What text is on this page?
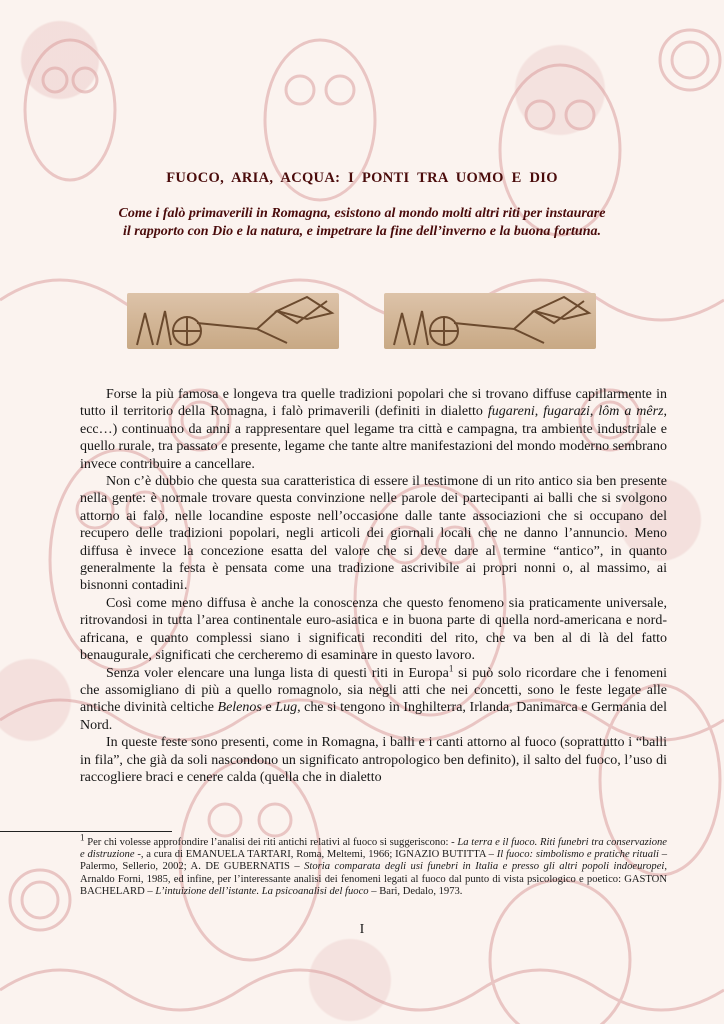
FUOCO, ARIA, ACQUA: I PONTI TRA UOMO E DIO
Come i falò primaverili in Romagna, esistono al mondo molti altri riti per instaurare
il rapporto con Dio e la natura, e impetrare la fine dell’inverno e la buona fortuna.

Forse la più famosa e longeva tra quelle tradizioni popolari che si trovano diffuse capillarmente in tutto il territorio della Romagna, i falò primaverili (definiti in dialetto fugareni, fugarazi, lôm a mêrz, ecc…) continuano da anni a rappresentare quel legame tra città e campagna, tra ambiente industriale e quello rurale, tra passato e presente, legame che tante altre manifestazioni del mondo moderno sembrano invece contribuire a cancellare.

Non c’è dubbio che questa sua caratteristica di essere il testimone di un rito antico sia ben presente nella gente: è normale trovare questa convinzione nelle parole dei partecipanti ai balli che si svolgono attorno ai falò, nelle locandine esposte nell’occasione dalle tante associazioni che si occupano del recupero delle tradizioni popolari, negli articoli dei giornali locali che ne danno l’annuncio. Meno diffusa è invece la concezione esatta del valore che si deve dare al termine “antico”, in quanto generalmente la festa è pensata come una tradizione ascrivibile ai propri nonni o, al massimo, ai bisnonni contadini.

Così come meno diffusa è anche la conoscenza che questo fenomeno sia praticamente universale, ritrovandosi in tutta l’area continentale euro-asiatica e in buona parte di quella nord-americana e nord-africana, e quanto complessi siano i significati reconditi del rito, che va ben al di là del fatto benaugurale, significati che cercheremo di esaminare in questo lavoro.

Senza voler elencare una lunga lista di questi riti in Europa$^1$ si può solo ricordare che i fenomeni che assomigliano di più a quello romagnolo, sia negli atti che nei concetti, sono le feste legate alle antiche divinità celtiche Belenos e Lug, che si tengono in Inghilterra, Irlanda, Danimarca e Germania del Nord.

In queste feste sono presenti, come in Romagna, i balli e i canti attorno al fuoco (soprattutto i “balli in fila”, che già da soli nascondono un significato antropologico ben definito), il salto del fuoco, l’uso di raccogliere braci e cenere calda (quella che in dialetto

$^1$ Per chi volesse approfondire l’analisi dei riti antichi relativi al fuoco si suggeriscono: - La terra e il fuoco. Riti funebri tra conservazione e distruzione -, a cura di EMANUELA TARTARI, Roma, Meltemi, 1966; IGNAZIO BUTITTA – Il fuoco: simbolismo e pratiche rituali – Palermo, Sellerio, 2002; A. DE GUBERNATIS – Storia comparata degli usi funebri in Italia e presso gli altri popoli indoeuropei, Arnaldo Forni, 1985, ed infine, per l’interessante analisi dei fenomeni legati al fuoco dal punto di vista psicologico e poetico: GASTON BACHELARD – L’intuizione dell’istante. La psicoanalisi del fuoco – Bari, Dedalo, 1973.
I
